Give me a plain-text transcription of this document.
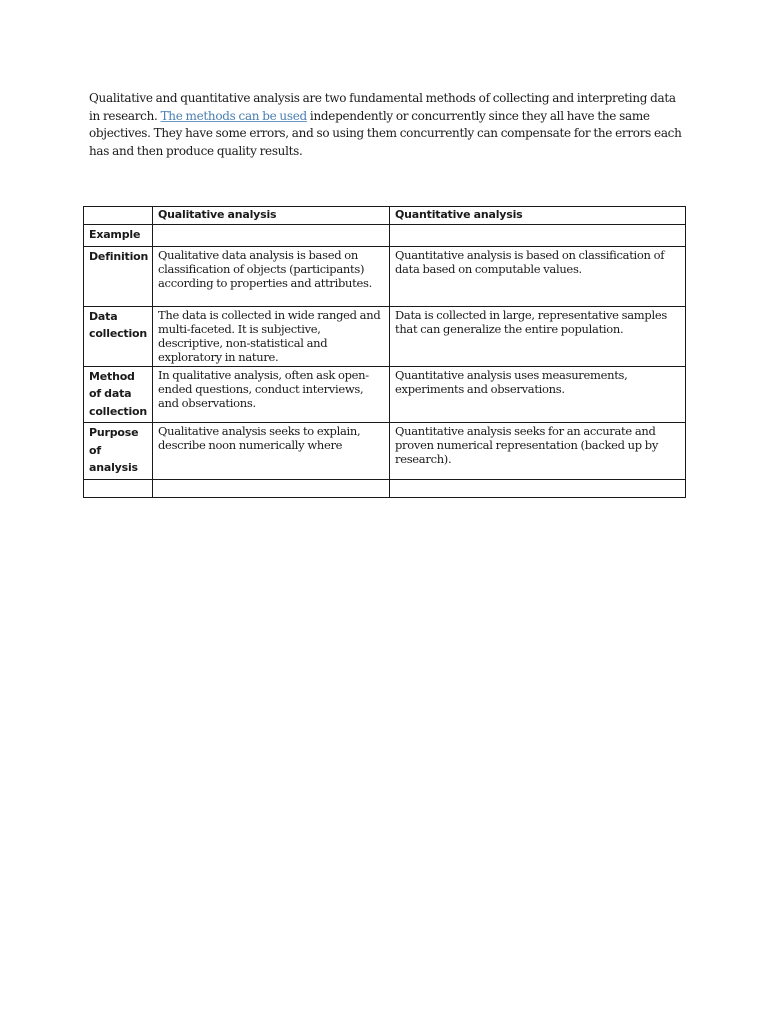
Qualitative and quantitative analysis are two fundamental methods of collecting and interpreting data in research. The methods can be used independently or concurrently since they all have the same objectives. They have some errors, and so using them concurrently can compensate for the errors each has and then produce quality results.
	Qualitative analysis	Quantitative analysis
Example		
Definition	Qualitative data analysis is based on classification of objects (participants) according to properties and attributes.	Quantitative analysis is based on classification of data based on computable values.
Data collection	The data is collected in wide ranged and multi-faceted. It is subjective, descriptive, non-statistical and exploratory in nature.	Data is collected in large, representative samples that can generalize the entire population.
Method of data collection	In qualitative analysis, often ask open-ended questions, conduct interviews, and observations.	Quantitative analysis uses measurements, experiments and observations.
Purpose of analysis	Qualitative analysis seeks to explain, describe noon numerically where	Quantitative analysis seeks for an accurate and proven numerical representation (backed up by research).
